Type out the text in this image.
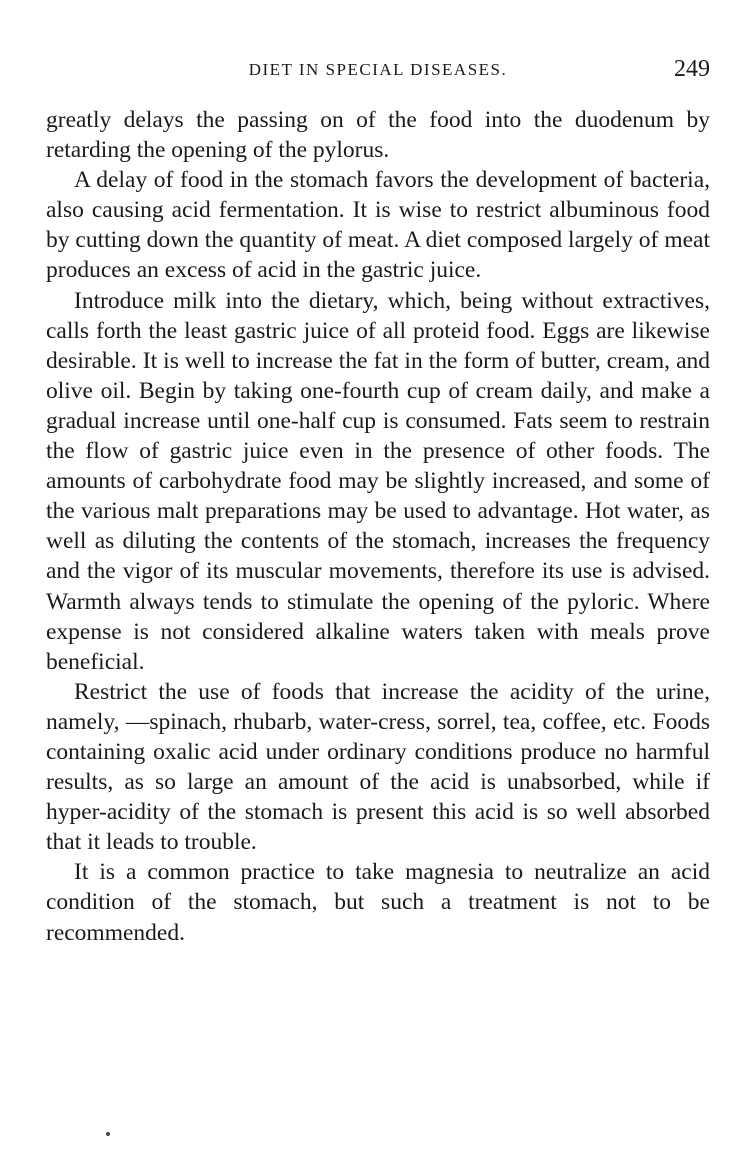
DIET IN SPECIAL DISEASES.	249

greatly delays the passing on of the food into the duodenum by retarding the opening of the pylorus.

A delay of food in the stomach favors the development of bacteria, also causing acid fermentation. It is wise to restrict albuminous food by cutting down the quantity of meat. A diet composed largely of meat produces an excess of acid in the gastric juice.

Introduce milk into the dietary, which, being without extractives, calls forth the least gastric juice of all proteid food. Eggs are likewise desirable. It is well to increase the fat in the form of butter, cream, and olive oil. Begin by taking one-fourth cup of cream daily, and make a gradual increase until one-half cup is consumed. Fats seem to restrain the flow of gastric juice even in the presence of other foods. The amounts of carbohydrate food may be slightly increased, and some of the various malt preparations may be used to advantage. Hot water, as well as diluting the contents of the stomach, increases the frequency and the vigor of its muscular movements, therefore its use is advised. Warmth always tends to stimulate the opening of the pyloric. Where expense is not considered alkaline waters taken with meals prove beneficial.

Restrict the use of foods that increase the acidity of the urine, namely, —spinach, rhubarb, water-cress, sorrel, tea, coffee, etc. Foods containing oxalic acid under ordinary conditions produce no harmful results, as so large an amount of the acid is unabsorbed, while if hyper-acidity of the stomach is present this acid is so well absorbed that it leads to trouble.

It is a common practice to take magnesia to neutralize an acid condition of the stomach, but such a treatment is not to be recommended.
